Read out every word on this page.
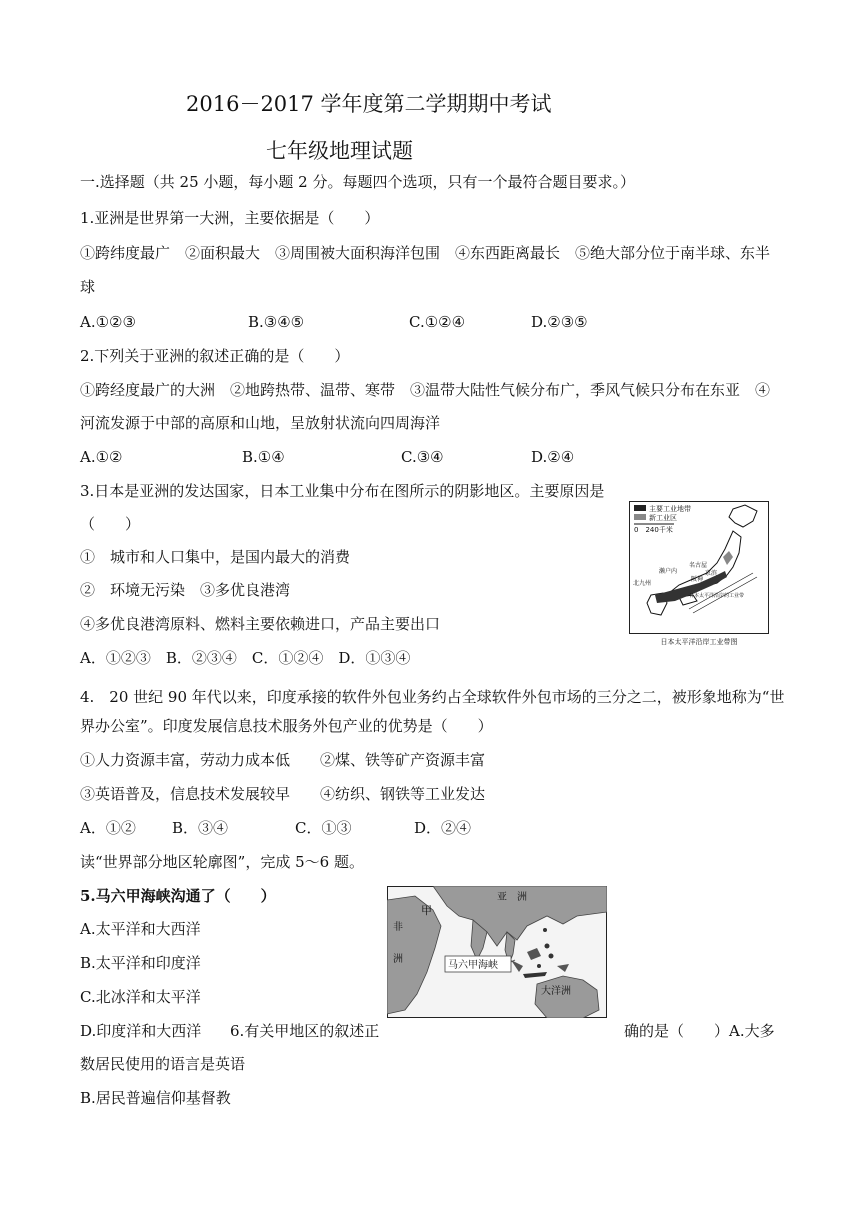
2016－2017 学年度第二学期期中考试
七年级地理试题
一.选择题（共 25 小题，每小题 2 分。每题四个选项，只有一个最符合题目要求。）
1.亚洲是世界第一大洲，主要依据是（　　）
①跨纬度最广　②面积最大　③周围被大面积海洋包围　④东西距离最长　⑤绝大部分位于南半球、东半
球
A.①②③	B.③④⑤	C.①②④	D.②③⑤
2.下列关于亚洲的叙述正确的是（　　）
①跨经度最广的大洲　②地跨热带、温带、寒带　③温带大陆性气候分布广，季风气候只分布在东亚　④
河流发源于中部的高原和山地，呈放射状流向四周海洋
A.①②	B.①④	C.③④	D.②④
3.日本是亚洲的发达国家，日本工业集中分布在图所示的阴影地区。主要原因是
（　　）
①　城市和人口集中，是国内最大的消费
②　环境无污染　③多优良港湾
④多优良港湾原料、燃料主要依赖进口，产品主要出口
A．①②③　B．②③④　C．①②④　D．①③④
主要工业地带
新工业区
0　240千米
濑户内
名古屋
京滨
阪神
北九州
日本太平洋沿岸的工业带
日本太平洋沿岸工业带图
4.　20 世纪 90 年代以来，印度承接的软件外包业务约占全球软件外包市场的三分之二，被形象地称为“世
界办公室”。印度发展信息技术服务外包产业的优势是（　　）
①人力资源丰富，劳动力成本低　　②煤、铁等矿产资源丰富
③英语普及，信息技术发展较早　　④纺织、钢铁等工业发达
A．①② B．③④	C．①③	D．②④
读“世界部分地区轮廓图”，完成 5～6 题。
5.马六甲海峡沟通了（　　）
A.太平洋和大西洋
B.太平洋和印度洋
C.北冰洋和太平洋
D.印度洋和大西洋
亚　洲
非
洲
甲
马六甲海峡
大洋洲
6.有关甲地区的叙述正	确的是（　　）A.大多
数居民使用的语言是英语
B.居民普遍信仰基督教
